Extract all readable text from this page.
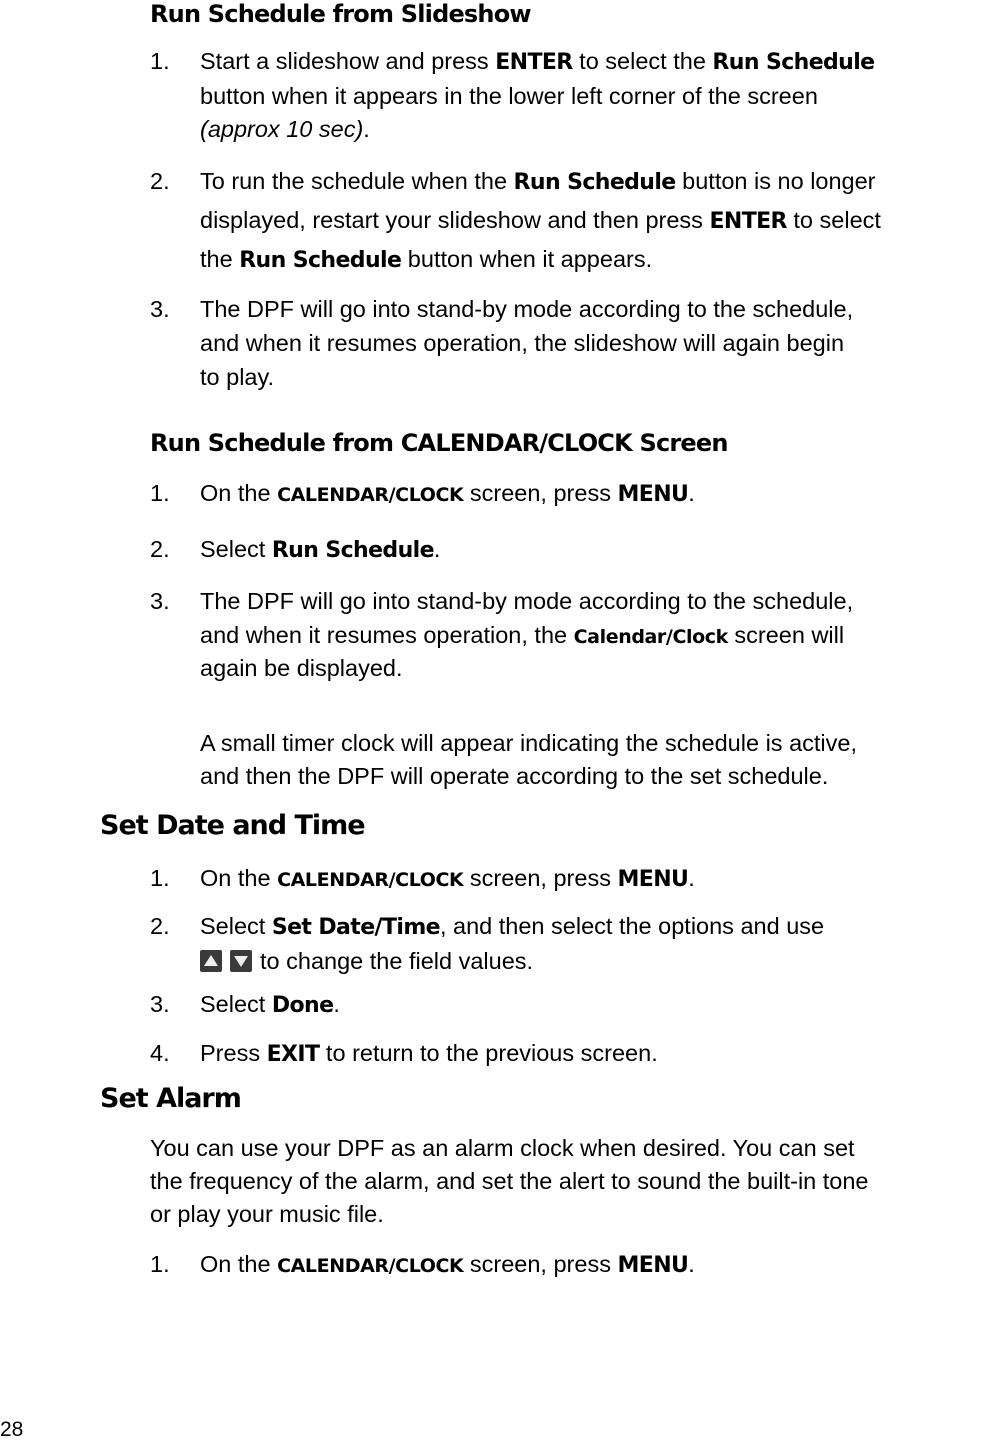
Run Schedule from Slideshow
1. Start a slideshow and press ENTER to select the Run Schedule
button when it appears in the lower left corner of the screen
(approx 10 sec).
2. To run the schedule when the Run Schedule button is no longer
displayed, restart your slideshow and then press ENTER to select
the Run Schedule button when it appears.
3. The DPF will go into stand-by mode according to the schedule,
and when it resumes operation, the slideshow will again begin
to play.
Run Schedule from CALENDAR/CLOCK Screen
1. On the CALENDAR/CLOCK screen, press MENU.
2. Select Run Schedule.
3. The DPF will go into stand-by mode according to the schedule,
and when it resumes operation, the Calendar/Clock screen will
again be displayed.
A small timer clock will appear indicating the schedule is active,
and then the DPF will operate according to the set schedule.
Set Date and Time
1. On the CALENDAR/CLOCK screen, press MENU.
2. Select Set Date/Time, and then select the options and use
to change the field values.
3. Select Done.
4. Press EXIT to return to the previous screen.
Set Alarm
You can use your DPF as an alarm clock when desired. You can set
the frequency of the alarm, and set the alert to sound the built-in tone
or play your music file.
1. On the CALENDAR/CLOCK screen, press MENU.
28
